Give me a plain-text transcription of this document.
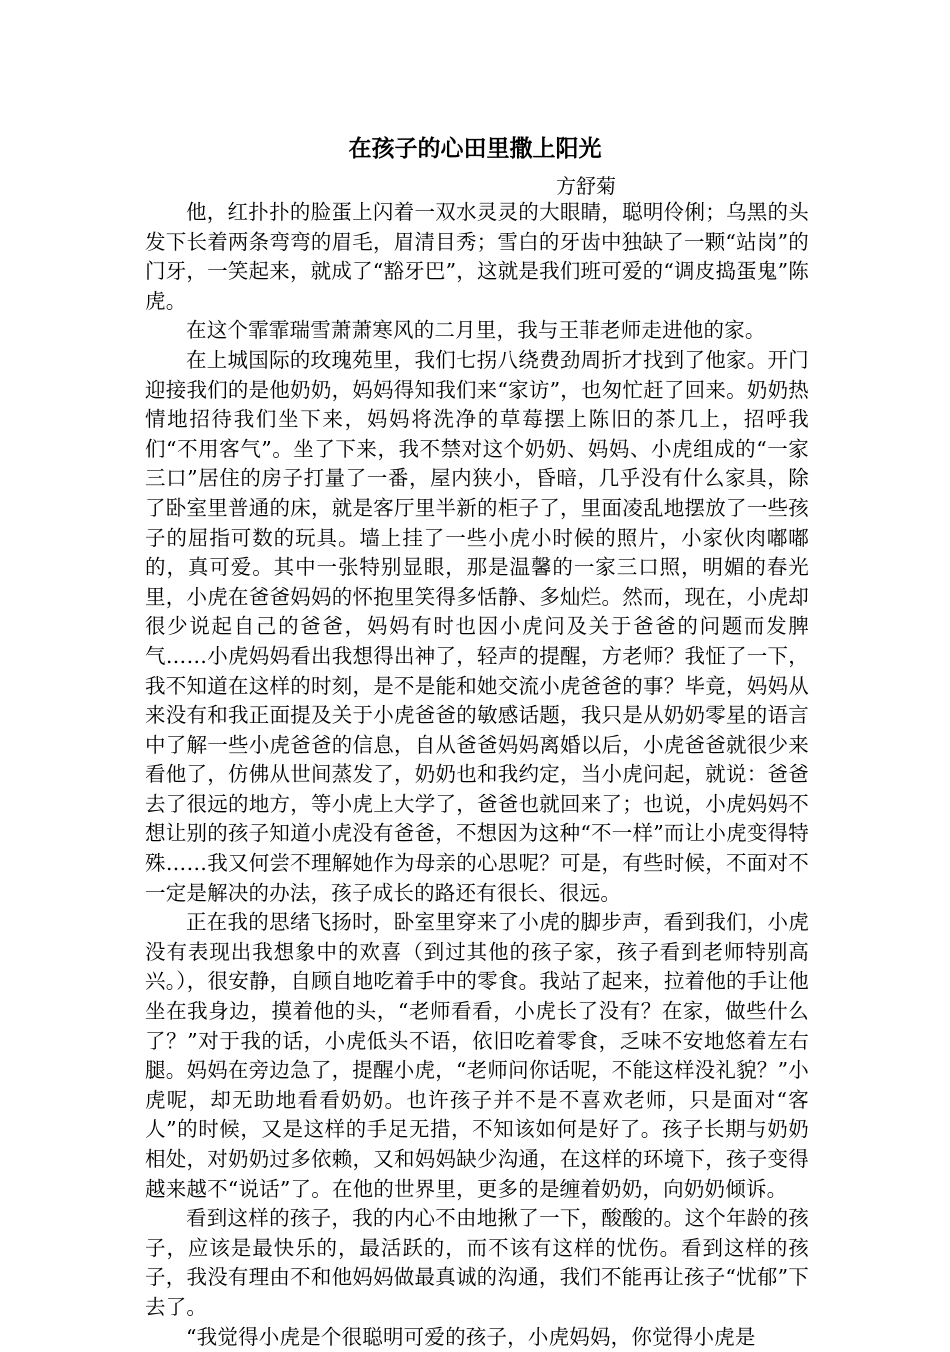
在孩子的心田里撒上阳光
方舒菊

他，红扑扑的脸蛋上闪着一双水灵灵的大眼睛，聪明伶俐；乌黑的头发下长着两条弯弯的眉毛，眉清目秀；雪白的牙齿中独缺了一颗“站岗”的门牙，一笑起来，就成了“豁牙巴”，这就是我们班可爱的“调皮捣蛋鬼”陈虎。

在这个霏霏瑞雪萧萧寒风的二月里，我与王菲老师走进他的家。

在上城国际的玫瑰苑里，我们七拐八绕费劲周折才找到了他家。开门迎接我们的是他奶奶，妈妈得知我们来“家访”，也匆忙赶了回来。奶奶热情地招待我们坐下来，妈妈将洗净的草莓摆上陈旧的茶几上，招呼我们“不用客气”。坐了下来，我不禁对这个奶奶、妈妈、小虎组成的“一家三口”居住的房子打量了一番，屋内狭小，昏暗，几乎没有什么家具，除了卧室里普通的床，就是客厅里半新的柜子了，里面凌乱地摆放了一些孩子的屈指可数的玩具。墙上挂了一些小虎小时候的照片，小家伙肉嘟嘟的，真可爱。其中一张特别显眼，那是温馨的一家三口照，明媚的春光里，小虎在爸爸妈妈的怀抱里笑得多恬静、多灿烂。然而，现在，小虎却很少说起自己的爸爸，妈妈有时也因小虎问及关于爸爸的问题而发脾气……小虎妈妈看出我想得出神了，轻声的提醒，方老师？我怔了一下，我不知道在这样的时刻，是不是能和她交流小虎爸爸的事？毕竟，妈妈从来没有和我正面提及关于小虎爸爸的敏感话题，我只是从奶奶零星的语言中了解一些小虎爸爸的信息，自从爸爸妈妈离婚以后，小虎爸爸就很少来看他了，仿佛从世间蒸发了，奶奶也和我约定，当小虎问起，就说：爸爸去了很远的地方，等小虎上大学了，爸爸也就回来了；也说，小虎妈妈不想让别的孩子知道小虎没有爸爸，不想因为这种“不一样”而让小虎变得特殊……我又何尝不理解她作为母亲的心思呢？可是，有些时候，不面对不一定是解决的办法，孩子成长的路还有很长、很远。

正在我的思绪飞扬时，卧室里穿来了小虎的脚步声，看到我们，小虎没有表现出我想象中的欢喜（到过其他的孩子家，孩子看到老师特别高兴。），很安静，自顾自地吃着手中的零食。我站了起来，拉着他的手让他坐在我身边，摸着他的头，“老师看看，小虎长了没有？在家，做些什么了？”对于我的话，小虎低头不语，依旧吃着零食，乏味不安地悠着左右腿。妈妈在旁边急了，提醒小虎，“老师问你话呢，不能这样没礼貌？”小虎呢，却无助地看看奶奶。也许孩子并不是不喜欢老师，只是面对“客人”的时候，又是这样的手足无措，不知该如何是好了。孩子长期与奶奶相处，对奶奶过多依赖，又和妈妈缺少沟通，在这样的环境下，孩子变得越来越不“说话”了。在他的世界里，更多的是缠着奶奶，向奶奶倾诉。

看到这样的孩子，我的内心不由地揪了一下，酸酸的。这个年龄的孩子，应该是最快乐的，最活跃的，而不该有这样的忧伤。看到这样的孩子，我没有理由不和他妈妈做最真诚的沟通，我们不能再让孩子“忧郁”下去了。

“我觉得小虎是个很聪明可爱的孩子，小虎妈妈，你觉得小虎是
